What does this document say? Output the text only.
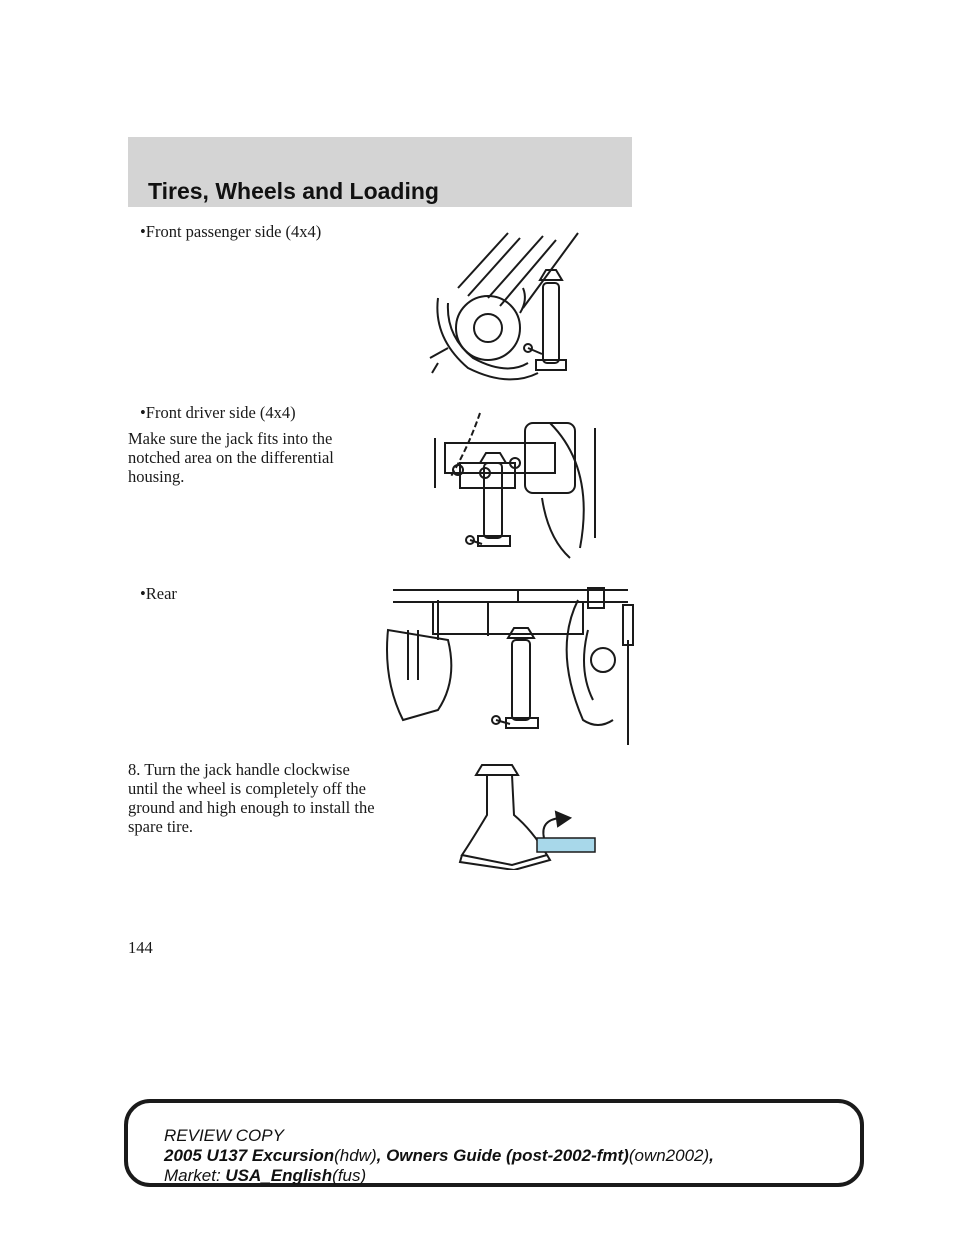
Tires, Wheels and Loading
•Front passenger side (4x4)
•Front driver side (4x4)
Make sure the jack fits into the notched area on the differential housing.
•Rear
8. Turn the jack handle clockwise until the wheel is completely off the ground and high enough to install the spare tire.
144
REVIEW COPY
2005 U137 Excursion(hdw), Owners Guide (post-2002-fmt)(own2002),
Market: USA_English(fus)
